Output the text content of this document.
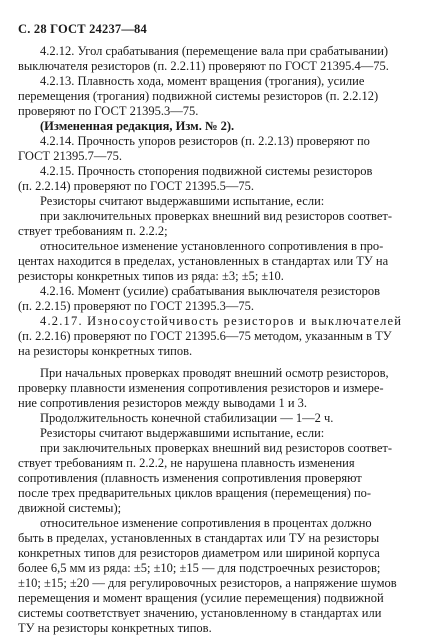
С. 28 ГОСТ 24237—84
4.2.12. Угол срабатывания (перемещение вала при срабатывании)
выключателя резисторов (п. 2.2.11) проверяют по ГОСТ 21395.4—75.
4.2.13. Плавность хода, момент вращения (трогания), усилие
перемещения (трогания) подвижной системы резисторов (п. 2.2.12)
проверяют по ГОСТ 21395.3—75.
(Измененная редакция, Изм. № 2).
4.2.14. Прочность упоров резисторов (п. 2.2.13) проверяют по
ГОСТ 21395.7—75.
4.2.15. Прочность стопорения подвижной системы резисторов
(п. 2.2.14) проверяют по ГОСТ 21395.5—75.
Резисторы считают выдержавшими испытание, если:
при заключительных проверках внешний вид резисторов соответ-
ствует требованиям п. 2.2.2;
относительное изменение установленного сопротивления в про-
центах находится в пределах, установленных в стандартах или ТУ на
резисторы конкретных типов из ряда: ±3; ±5; ±10.
4.2.16. Момент (усилие) срабатывания выключателя резисторов
(п. 2.2.15) проверяют по ГОСТ 21395.3—75.
4.2.17. Износоустойчивость резисторов и выключателей
(п. 2.2.16) проверяют по ГОСТ 21395.6—75 методом, указанным в ТУ
на резисторы конкретных типов.
При начальных проверках проводят внешний осмотр резисторов,
проверку плавности изменения сопротивления резисторов и измере-
ние сопротивления резисторов между выводами 1 и 3.
Продолжительность конечной стабилизации — 1—2 ч.
Резисторы считают выдержавшими испытание, если:
при заключительных проверках внешний вид резисторов соответ-
ствует требованиям п. 2.2.2, не нарушена плавность изменения
сопротивления (плавность изменения сопротивления проверяют
после трех предварительных циклов вращения (перемещения) по-
движной системы);
относительное изменение сопротивления в процентах должно
быть в пределах, установленных в стандартах или ТУ на резисторы
конкретных типов для резисторов диаметром или шириной корпуса
более 6,5 мм из ряда: ±5; ±10; ±15 — для подстроечных резисторов;
±10; ±15; ±20 — для регулировочных резисторов, а напряжение шумов
перемещения и момент вращения (усилие перемещения) подвижной
системы соответствует значению, установленному в стандартах или
ТУ на резисторы конкретных типов.
